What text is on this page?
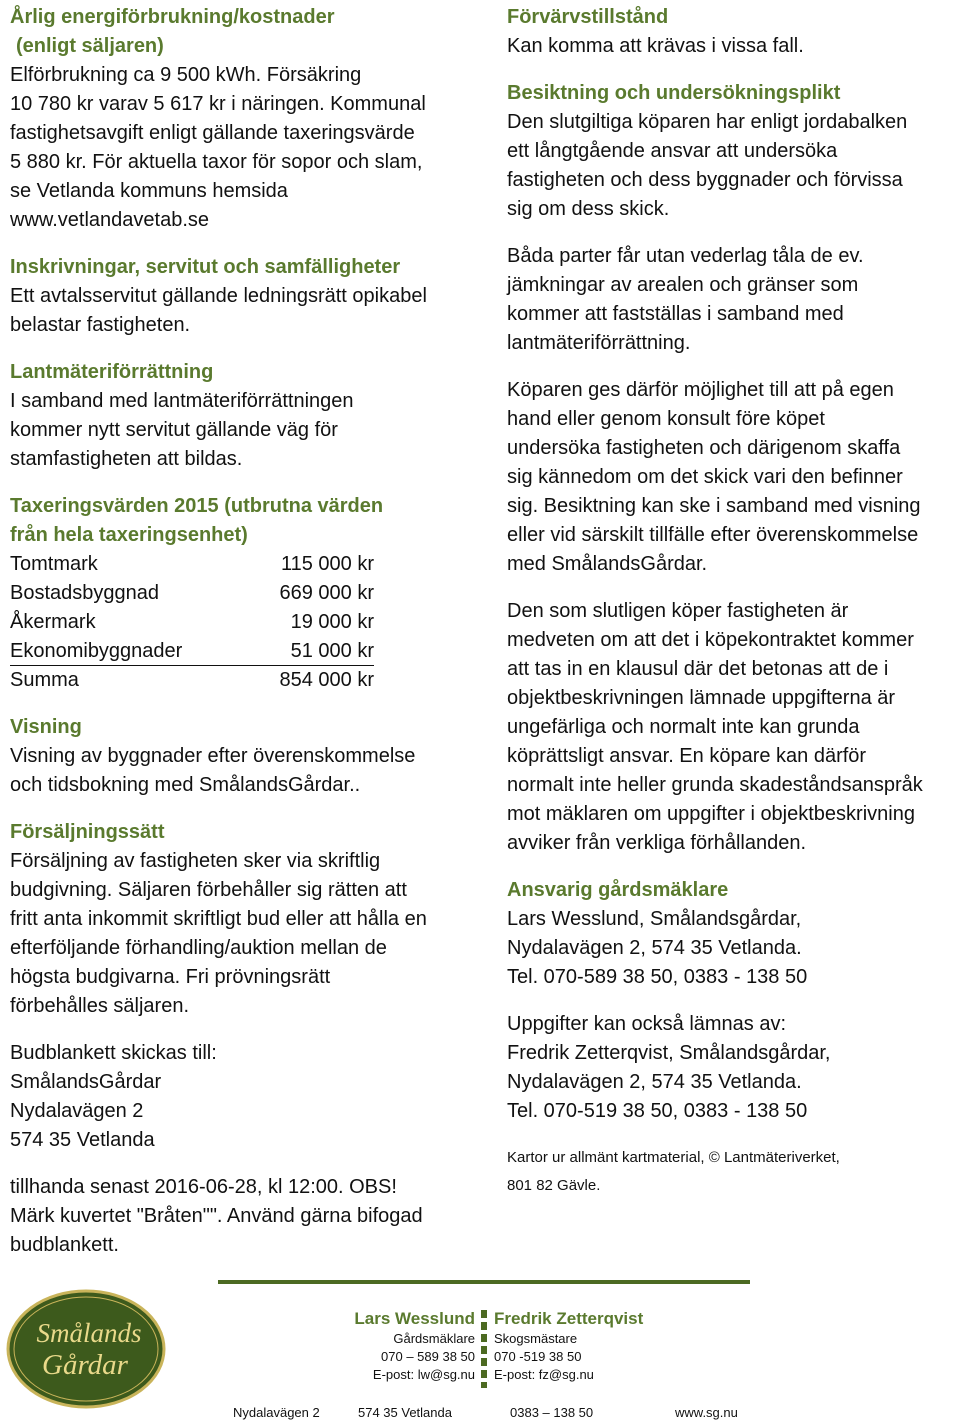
Årlig energiförbrukning/kostnader
(enligt säljaren)
Elförbrukning ca 9 500 kWh. Försäkring
10 780 kr varav 5 617 kr i näringen. Kommunal
fastighetsavgift enligt gällande taxeringsvärde
5 880 kr. För aktuella taxor för sopor och slam,
se Vetlanda kommuns hemsida
www.vetlandavetab.se
Inskrivningar, servitut och samfälligheter
Ett avtalsservitut gällande ledningsrätt opikabel
belastar fastigheten.
Lantmäteriförrättning
I samband med lantmäteriförrättningen
kommer nytt servitut gällande väg för
stamfastigheten att bildas.
Taxeringsvärden 2015 (utbrutna värden
från hela taxeringsenhet)
Tomtmark	115 000 kr
Bostadsbyggnad	669 000 kr
Åkermark	19 000 kr
Ekonomibyggnader	51 000 kr
Summa	854 000 kr
Visning
Visning av byggnader efter överenskommelse
och tidsbokning med SmålandsGårdar..
Försäljningssätt
Försäljning av fastigheten sker via skriftlig
budgivning. Säljaren förbehåller sig rätten att
fritt anta inkommit skriftligt bud eller att hålla en
efterföljande förhandling/auktion mellan de
högsta budgivarna. Fri prövningsrätt
förbehålles säljaren.
Budblankett skickas till:
SmålandsGårdar
Nydalavägen 2
574 35 Vetlanda
tillhanda senast 2016-06-28, kl 12:00. OBS!
Märk kuvertet "Bråten"". Använd gärna bifogad
budblankett.
Förvärvstillstånd
Kan komma att krävas i vissa fall.
Besiktning och undersökningsplikt
Den slutgiltiga köparen har enligt jordabalken
ett långtgående ansvar att undersöka
fastigheten och dess byggnader och förvissa
sig om dess skick.
Båda parter får utan vederlag tåla de ev.
jämkningar av arealen och gränser som
kommer att fastställas i samband med
lantmäteriförrättning.
Köparen ges därför möjlighet till att på egen
hand eller genom konsult före köpet
undersöka fastigheten och därigenom skaffa
sig kännedom om det skick vari den befinner
sig. Besiktning kan ske i samband med visning
eller vid särskilt tillfälle efter överenskommelse
med SmålandsGårdar.
Den som slutligen köper fastigheten är
medveten om att det i köpekontraktet kommer
att tas in en klausul där det betonas att de i
objektbeskrivningen lämnade uppgifterna är
ungefärliga och normalt inte kan grunda
köprättsligt ansvar. En köpare kan därför
normalt inte heller grunda skadeståndsanspråk
mot mäklaren om uppgifter i objektbeskrivning
avviker från verkliga förhållanden.
Ansvarig gårdsmäklare
Lars Wesslund, Smålandsgårdar,
Nydalavägen 2, 574 35 Vetlanda.
Tel. 070-589 38 50, 0383 - 138 50
Uppgifter kan också lämnas av:
Fredrik Zetterqvist, Smålandsgårdar,
Nydalavägen 2, 574 35 Vetlanda.
Tel. 070-519 38 50, 0383 - 138 50
Kartor ur allmänt kartmaterial, © Lantmäteriverket,
801 82 Gävle.
Smålands
Gårdar
Lars Wesslund
Gårdsmäklare
070 – 589 38 50
E-post: lw@sg.nu
Fredrik Zetterqvist
Skogsmästare
070 -519 38 50
E-post: fz@sg.nu
Nydalavägen 2	574 35 Vetlanda	0383 – 138 50	www.sg.nu
